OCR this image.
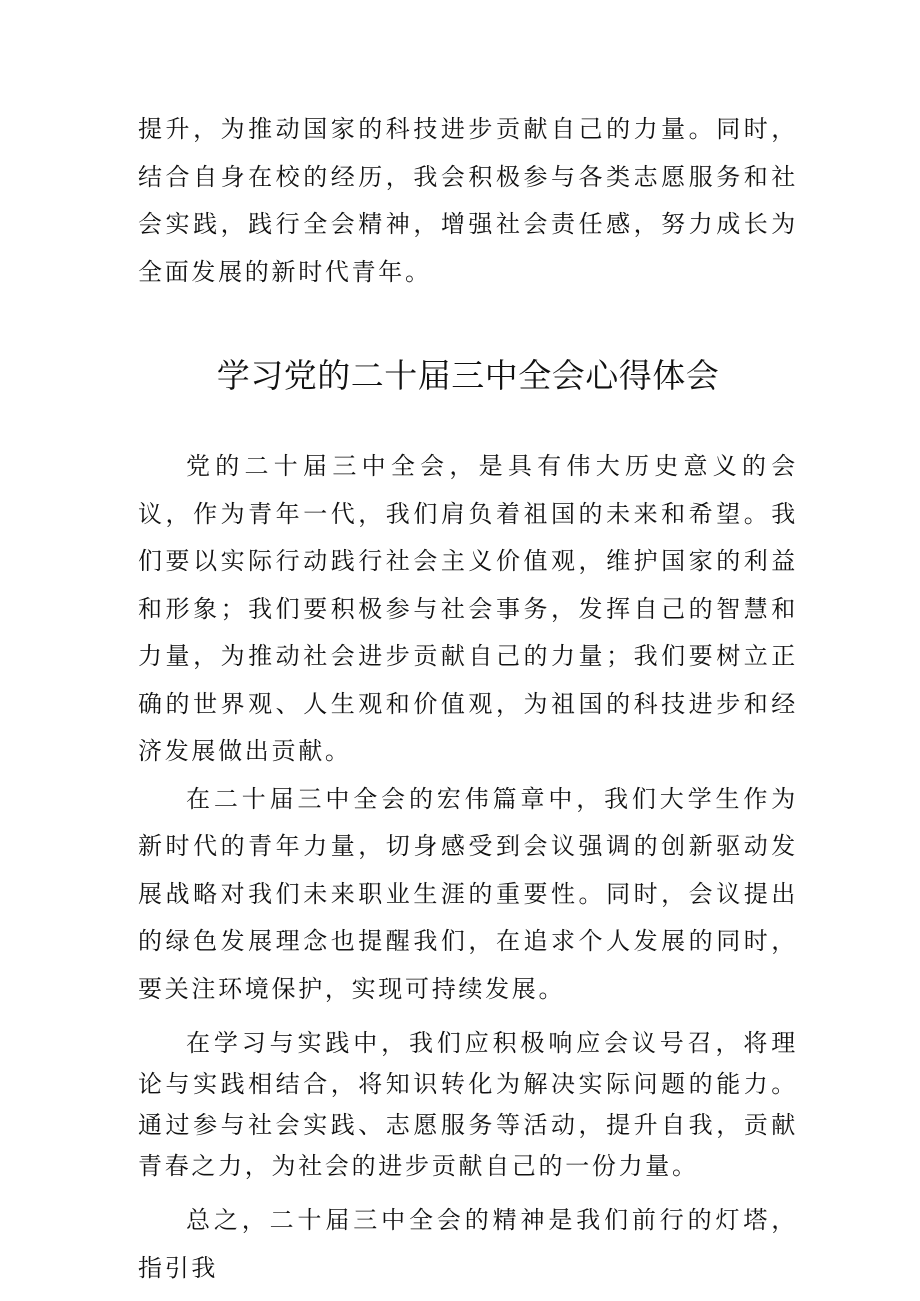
提升，为推动国家的科技进步贡献自己的力量。同时，结合自身在校的经历，我会积极参与各类志愿服务和社会实践，践行全会精神，增强社会责任感，努力成长为全面发展的新时代青年。

学习党的二十届三中全会心得体会

党的二十届三中全会，是具有伟大历史意义的会议，作为青年一代，我们肩负着祖国的未来和希望。我们要以实际行动践行社会主义价值观，维护国家的利益和形象；我们要积极参与社会事务，发挥自己的智慧和力量，为推动社会进步贡献自己的力量；我们要树立正确的世界观、人生观和价值观，为祖国的科技进步和经济发展做出贡献。

在二十届三中全会的宏伟篇章中，我们大学生作为新时代的青年力量，切身感受到会议强调的创新驱动发展战略对我们未来职业生涯的重要性。同时，会议提出的绿色发展理念也提醒我们，在追求个人发展的同时，要关注环境保护，实现可持续发展。

在学习与实践中，我们应积极响应会议号召，将理论与实践相结合，将知识转化为解决实际问题的能力。通过参与社会实践、志愿服务等活动，提升自我，贡献青春之力，为社会的进步贡献自己的一份力量。

总之，二十届三中全会的精神是我们前行的灯塔，指引我
